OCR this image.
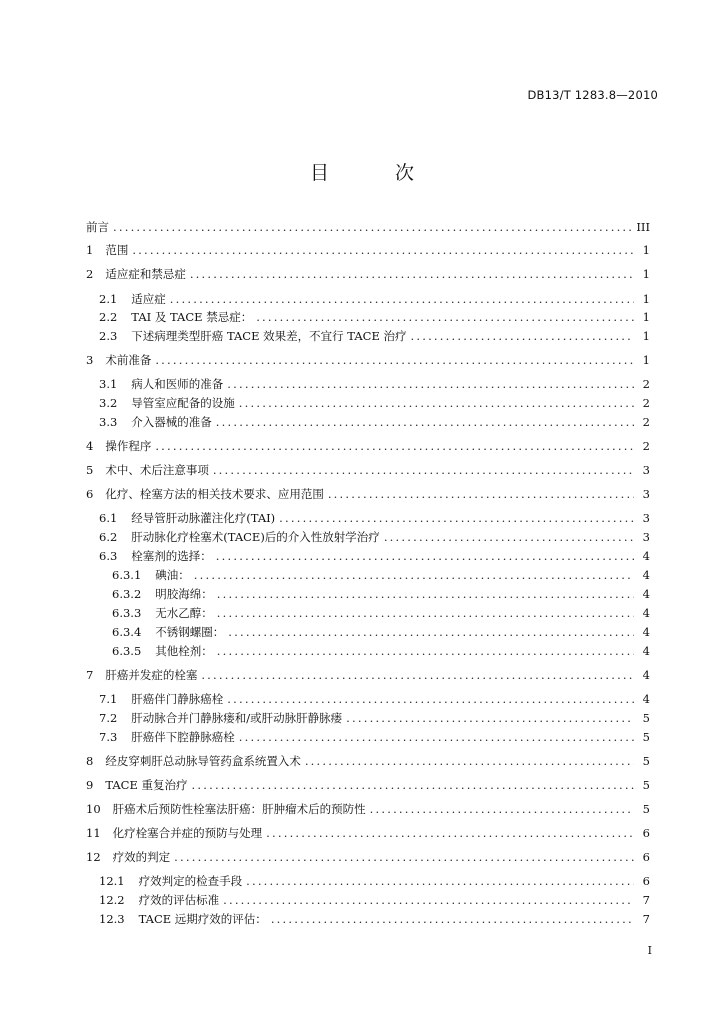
DB13/T 1283.8—2010
目 次
前言 .....	III
1 范围 .....	1
2 适应症和禁忌症 .....	1
2.1 适应症 .....	1
2.2 TAI 及 TACE 禁忌症： .....	1
2.3 下述病理类型肝癌 TACE 效果差，不宜行 TACE 治疗 .....	1
3 术前准备 .....	1
3.1 病人和医师的准备 .....	2
3.2 导管室应配备的设施 .....	2
3.3 介入器械的准备 .....	2
4 操作程序 .....	2
5 术中、术后注意事项 .....	3
6 化疗、栓塞方法的相关技术要求、应用范围 .....	3
6.1 经导管肝动脉灌注化疗(TAI) .....	3
6.2 肝动脉化疗栓塞术(TACE)后的介入性放射学治疗 .....	3
6.3 栓塞剂的选择： .....	4
6.3.1 碘油： .....	4
6.3.2 明胶海绵： .....	4
6.3.3 无水乙醇： .....	4
6.3.4 不锈钢螺圈： .....	4
6.3.5 其他栓剂： .....	4
7 肝癌并发症的栓塞 .....	4
7.1 肝癌伴门静脉癌栓 .....	4
7.2 肝动脉合并门静脉瘘和/或肝动脉肝静脉瘘 .....	5
7.3 肝癌伴下腔静脉癌栓 .....	5
8 经皮穿刺肝总动脉导管药盒系统置入术 .....	5
9 TACE 重复治疗 .....	5
10 肝癌术后预防性栓塞法肝癌：肝肿瘤术后的预防性 .....	5
11 化疗栓塞合并症的预防与处理 .....	6
12 疗效的判定 .....	6
12.1 疗效判定的检查手段 .....	6
12.2 疗效的评估标准 .....	7
12.3 TACE 远期疗效的评估： .....	7
I
